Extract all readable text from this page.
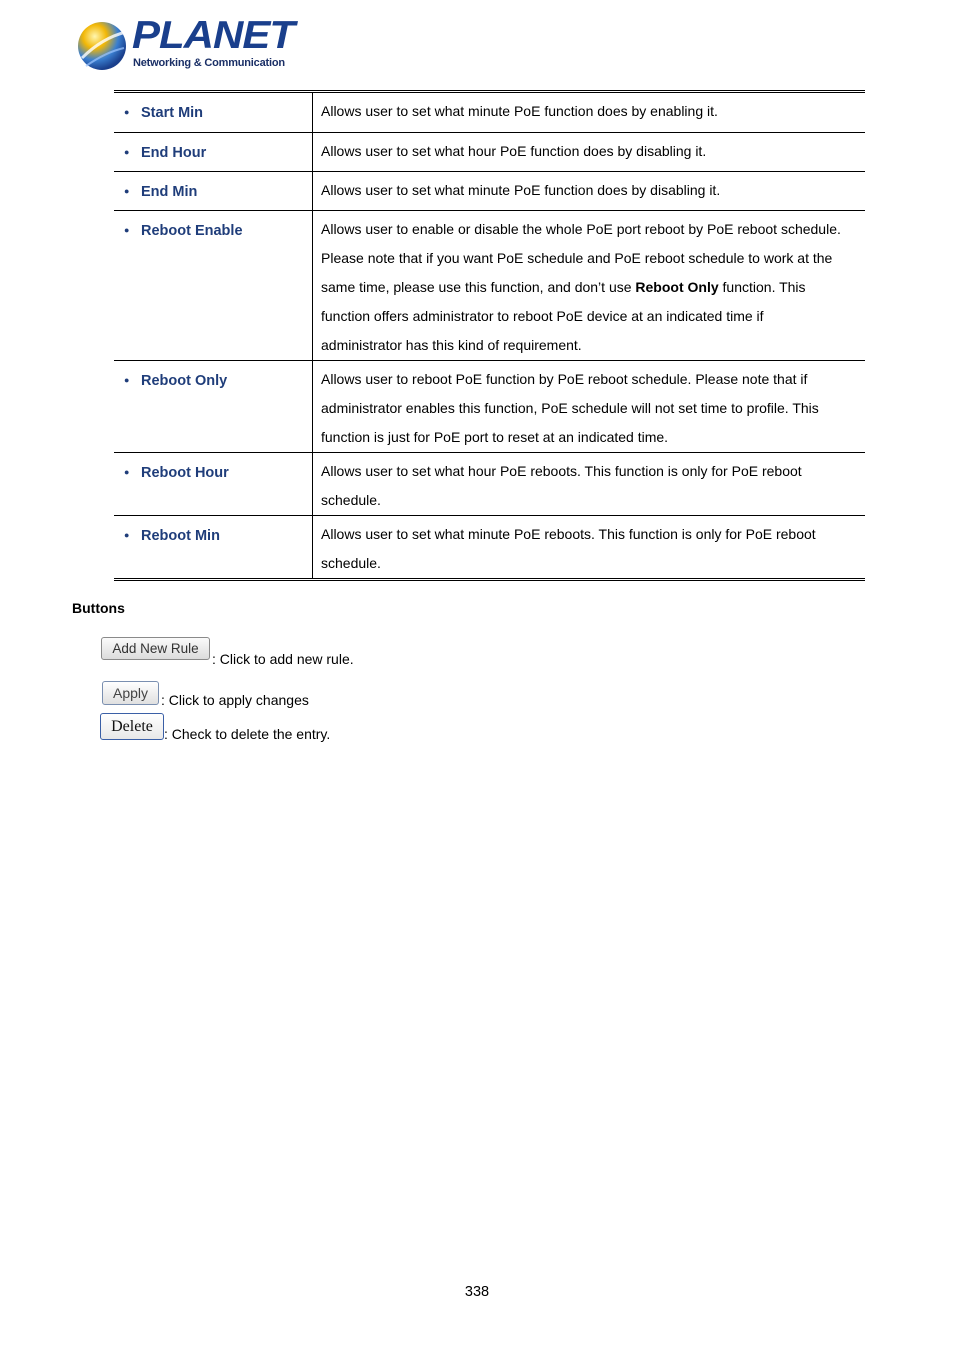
PLANET
Networking & Communication
● Start Min	Allows user to set what minute PoE function does by enabling it.

● End Hour	Allows user to set what hour PoE function does by disabling it.

● End Min	Allows user to set what minute PoE function does by disabling it.

● Reboot Enable	Allows user to enable or disable the whole PoE port reboot by PoE reboot schedule.
Please note that if you want PoE schedule and PoE reboot schedule to work at the
same time, please use this function, and don’t use Reboot Only function. This
function offers administrator to reboot PoE device at an indicated time if
administrator has this kind of requirement.

● Reboot Only	Allows user to reboot PoE function by PoE reboot schedule. Please note that if
administrator enables this function, PoE schedule will not set time to profile. This
function is just for PoE port to reset at an indicated time.

● Reboot Hour	Allows user to set what hour PoE reboots. This function is only for PoE reboot
schedule.

● Reboot Min	Allows user to set what minute PoE reboots. This function is only for PoE reboot
schedule.
Buttons
Add New Rule
: Click to add new rule.
Apply : Click to apply changes
Delete : Check to delete the entry.
338
